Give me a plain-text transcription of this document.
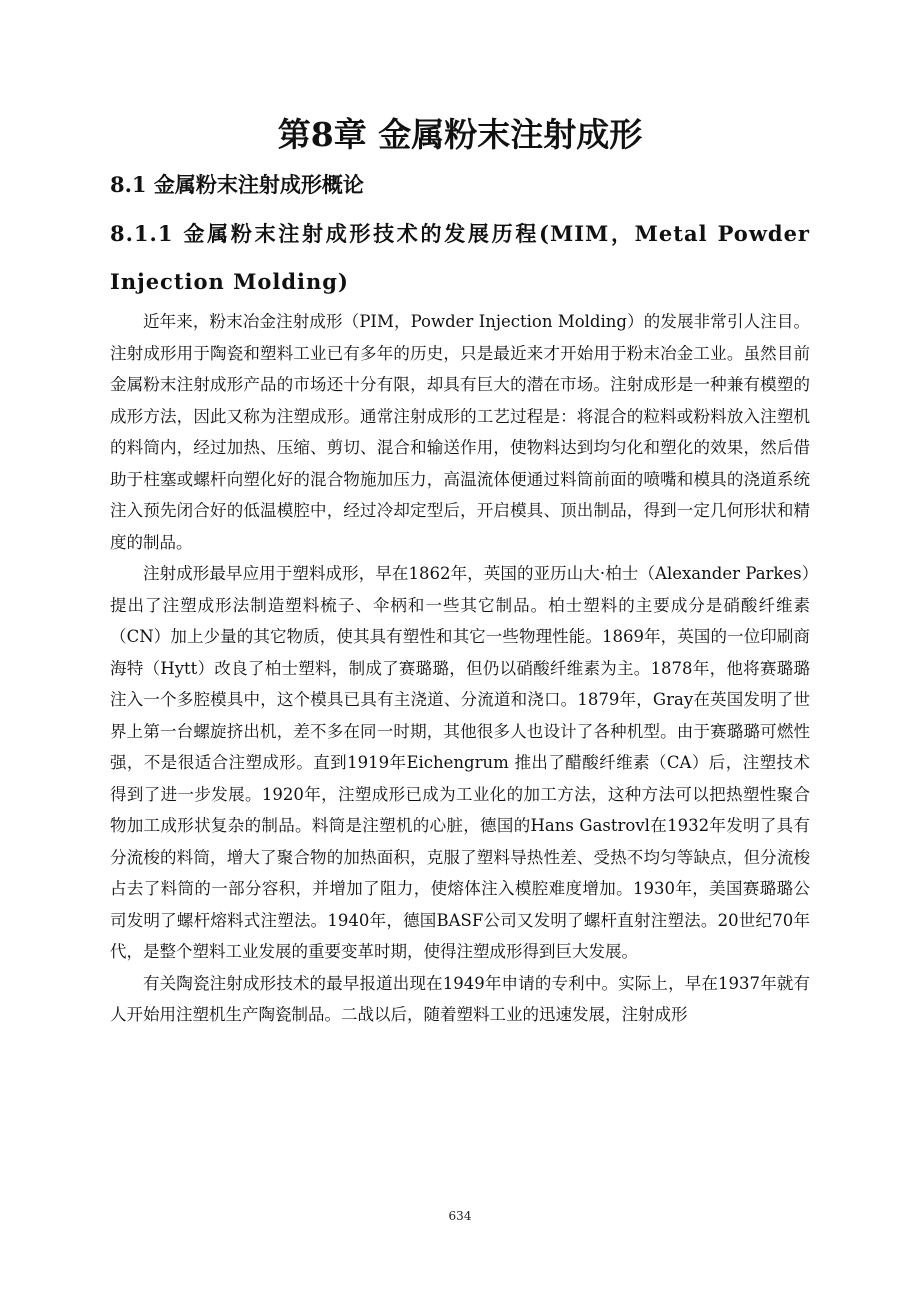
第8章 金属粉末注射成形
8.1 金属粉末注射成形概论
8.1.1 金属粉末注射成形技术的发展历程(MIM，Metal Powder Injection Molding)

近年来，粉末冶金注射成形（PIM，Powder Injection Molding）的发展非常引人注目。注射成形用于陶瓷和塑料工业已有多年的历史，只是最近来才开始用于粉末冶金工业。虽然目前金属粉末注射成形产品的市场还十分有限，却具有巨大的潜在市场。注射成形是一种兼有模塑的成形方法，因此又称为注塑成形。通常注射成形的工艺过程是：将混合的粒料或粉料放入注塑机的料筒内，经过加热、压缩、剪切、混合和输送作用，使物料达到均匀化和塑化的效果，然后借助于柱塞或螺杆向塑化好的混合物施加压力，高温流体便通过料筒前面的喷嘴和模具的浇道系统注入预先闭合好的低温模腔中，经过冷却定型后，开启模具、顶出制品，得到一定几何形状和精度的制品。

注射成形最早应用于塑料成形，早在1862年，英国的亚历山大·柏士（Alexander Parkes）提出了注塑成形法制造塑料梳子、伞柄和一些其它制品。柏士塑料的主要成分是硝酸纤维素（CN）加上少量的其它物质，使其具有塑性和其它一些物理性能。1869年，英国的一位印刷商海特（Hytt）改良了柏士塑料，制成了赛璐璐，但仍以硝酸纤维素为主。1878年，他将赛璐璐注入一个多腔模具中，这个模具已具有主浇道、分流道和浇口。1879年，Gray在英国发明了世界上第一台螺旋挤出机，差不多在同一时期，其他很多人也设计了各种机型。由于赛璐璐可燃性强，不是很适合注塑成形。直到1919年Eichengrum 推出了醋酸纤维素（CA）后，注塑技术得到了进一步发展。1920年，注塑成形已成为工业化的加工方法，这种方法可以把热塑性聚合物加工成形状复杂的制品。料筒是注塑机的心脏，德国的Hans Gastrovl在1932年发明了具有分流梭的料筒，增大了聚合物的加热面积，克服了塑料导热性差、受热不均匀等缺点，但分流梭占去了料筒的一部分容积，并增加了阻力，使熔体注入模腔难度增加。1930年，美国赛璐璐公司发明了螺杆熔料式注塑法。1940年，德国BASF公司又发明了螺杆直射注塑法。20世纪70年代，是整个塑料工业发展的重要变革时期，使得注塑成形得到巨大发展。

有关陶瓷注射成形技术的最早报道出现在1949年申请的专利中。实际上，早在1937年就有人开始用注塑机生产陶瓷制品。二战以后，随着塑料工业的迅速发展，注射成形

634
